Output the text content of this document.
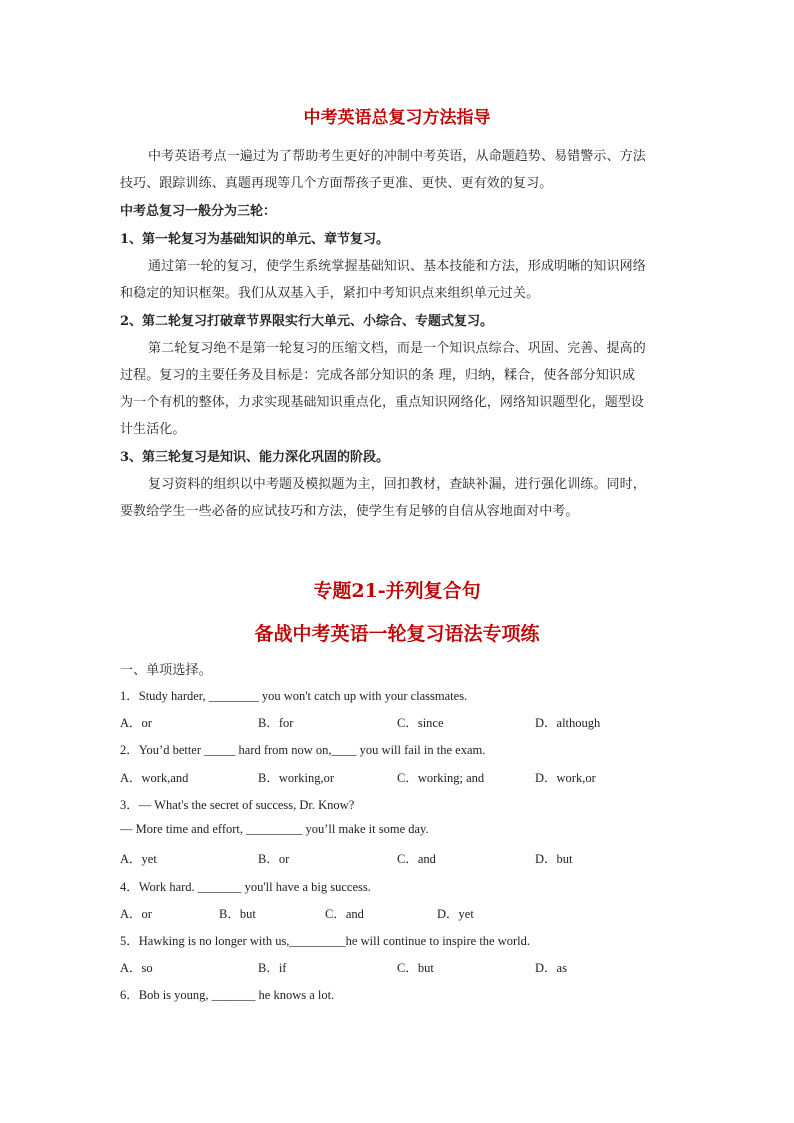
中考英语总复习方法指导
中考英语考点一遍过为了帮助考生更好的冲制中考英语，从命题趋势、易错警示、方法
技巧、跟踪训练、真题再现等几个方面帮孩子更准、更快、更有效的复习。
中考总复习一般分为三轮：
1、第一轮复习为基础知识的单元、章节复习。
通过第一轮的复习，使学生系统掌握基础知识、基本技能和方法，形成明晰的知识网络
和稳定的知识框架。我们从双基入手，紧扣中考知识点来组织单元过关。
2、第二轮复习打破章节界限实行大单元、小综合、专题式复习。
第二轮复习绝不是第一轮复习的压缩文档，而是一个知识点综合、巩固、完善、提高的
过程。复习的主要任务及目标是：完成各部分知识的条 理，归纳，糅合，使各部分知识成
为一个有机的整体，力求实现基础知识重点化，重点知识网络化，网络知识题型化，题型设
计生活化。
3、第三轮复习是知识、能力深化巩固的阶段。
复习资料的组织以中考题及模拟题为主，回扣教材，查缺补漏，进行强化训练。同时，
要教给学生一些必备的应试技巧和方法，使学生有足够的自信从容地面对中考。
专题21-并列复合句
备战中考英语一轮复习语法专项练
一、单项选择。
1．Study harder, ________ you won't catch up with your classmates.
A．or	B．for	C．since	D．although
2．You’d better _____ hard from now on,____ you will fail in the exam.
A．work,and	B．working,or	C．working; and	D．work,or
3．— What's the secret of success, Dr. Know?
— More time and effort, _________ you’ll make it some day.
A．yet	B．or	C．and	D．but
4．Work hard. _______ you'll have a big success.
A．or	B．but	C．and	D．yet
5．Hawking is no longer with us,_________he will continue to inspire the world.
A．so	B．if	C．but	D．as
6．Bob is young, _______ he knows a lot.
